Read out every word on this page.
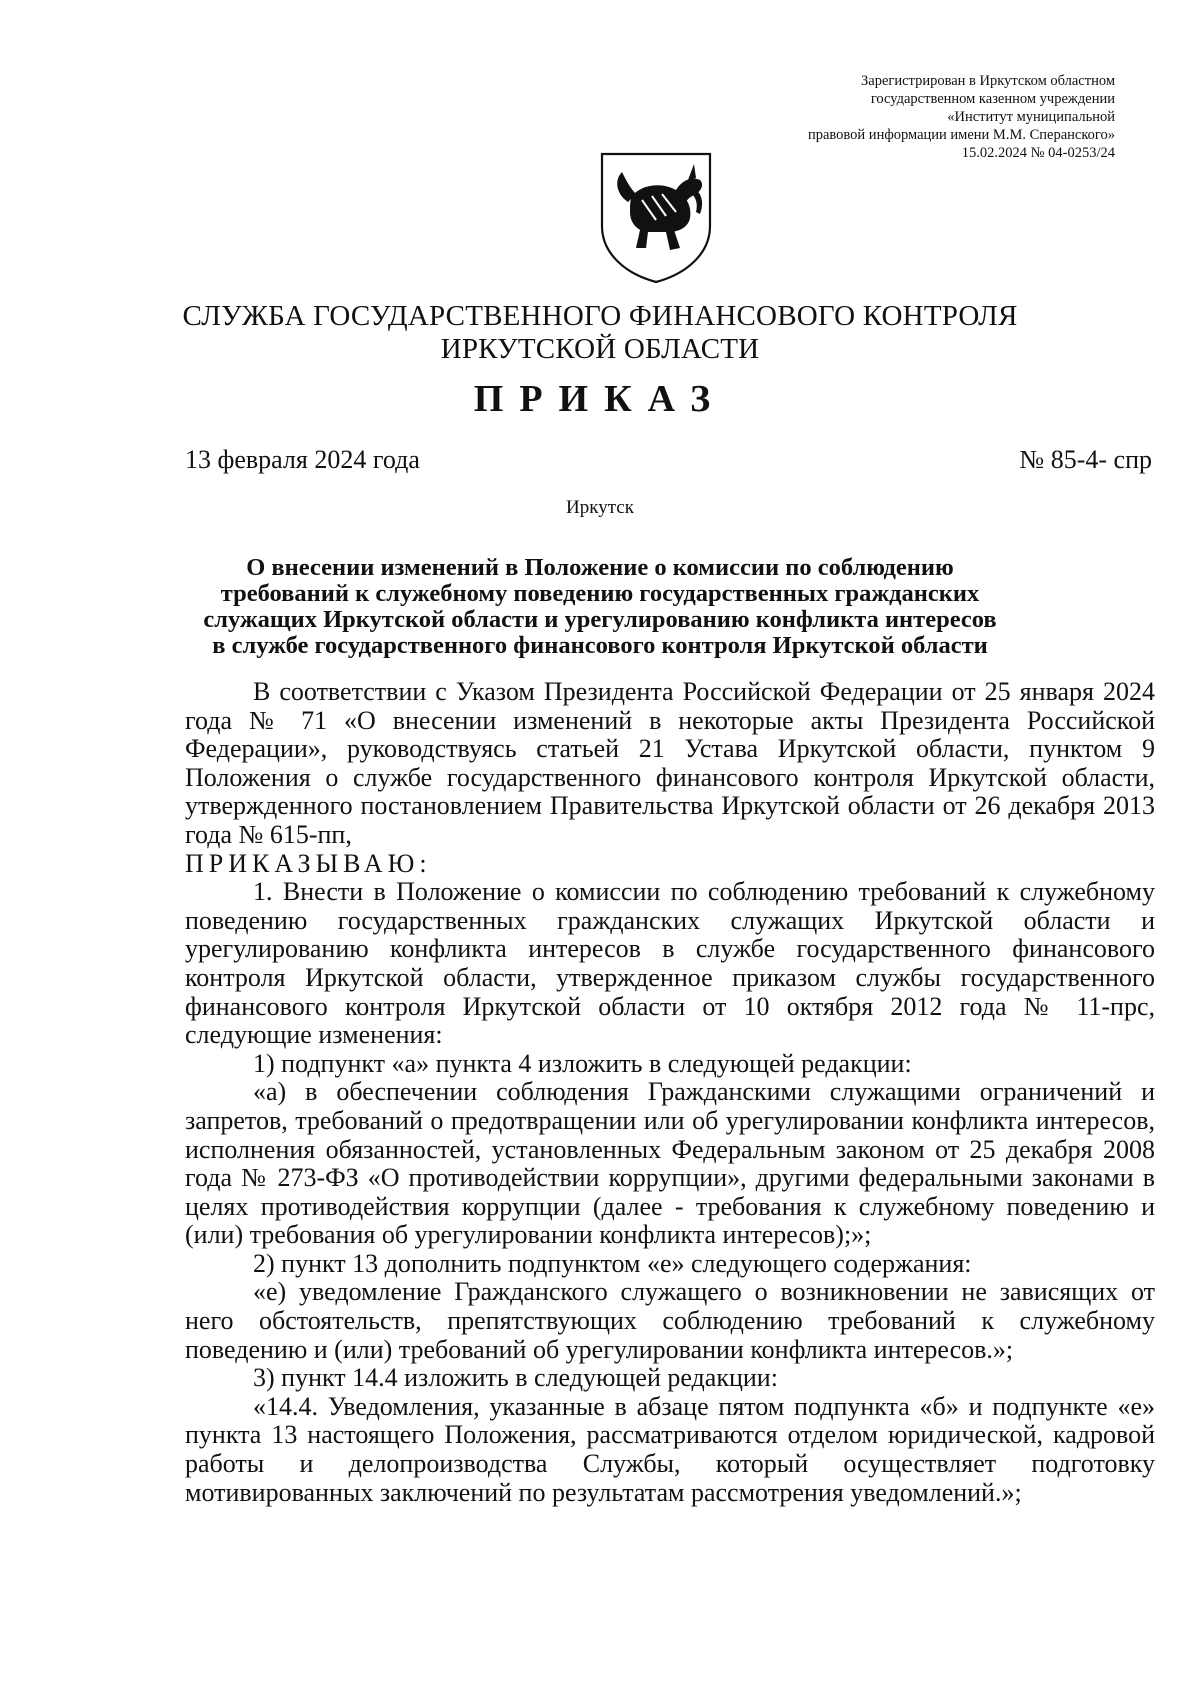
Зарегистрирован в Иркутском областном
государственном казенном учреждении
«Институт муниципальной
правовой информации имени М.М. Сперанского»
15.02.2024 № 04-0253/24
СЛУЖБА ГОСУДАРСТВЕННОГО ФИНАНСОВОГО КОНТРОЛЯ
ИРКУТСКОЙ ОБЛАСТИ
ПРИКАЗ
13 февраля 2024 года	№ 85-4- спр
Иркутск
О внесении изменений в Положение о комиссии по соблюдению
требований к служебному поведению государственных гражданских
служащих Иркутской области и урегулированию конфликта интересов
в службе государственного финансового контроля Иркутской области

В соответствии с Указом Президента Российской Федерации от 25 января 2024 года № 71 «О внесении изменений в некоторые акты Президента Российской Федерации», руководствуясь статьей 21 Устава Иркутской области, пунктом 9 Положения о службе государственного финансового контроля Иркутской области, утвержденного постановлением Правительства Иркутской области от 26 декабря 2013 года № 615-пп,

ПРИКАЗЫВАЮ:

1. Внести в Положение о комиссии по соблюдению требований к служебному поведению государственных гражданских служащих Иркутской области и урегулированию конфликта интересов в службе государственного финансового контроля Иркутской области, утвержденное приказом службы государственного финансового контроля Иркутской области от 10 октября 2012 года № 11-прс, следующие изменения:

1) подпункт «а» пункта 4 изложить в следующей редакции:

«а) в обеспечении соблюдения Гражданскими служащими ограничений и запретов, требований о предотвращении или об урегулировании конфликта интересов, исполнения обязанностей, установленных Федеральным законом от 25 декабря 2008 года № 273-ФЗ «О противодействии коррупции», другими федеральными законами в целях противодействия коррупции (далее - требования к служебному поведению и (или) требования об урегулировании конфликта интересов);»;

2) пункт 13 дополнить подпунктом «е» следующего содержания:

«е) уведомление Гражданского служащего о возникновении не зависящих от него обстоятельств, препятствующих соблюдению требований к служебному поведению и (или) требований об урегулировании конфликта интересов.»;

3) пункт 14.4 изложить в следующей редакции:

«14.4. Уведомления, указанные в абзаце пятом подпункта «б» и подпункте «е» пункта 13 настоящего Положения, рассматриваются отделом юридической, кадровой работы и делопроизводства Службы, который осуществляет подготовку мотивированных заключений по результатам рассмотрения уведомлений.»;
